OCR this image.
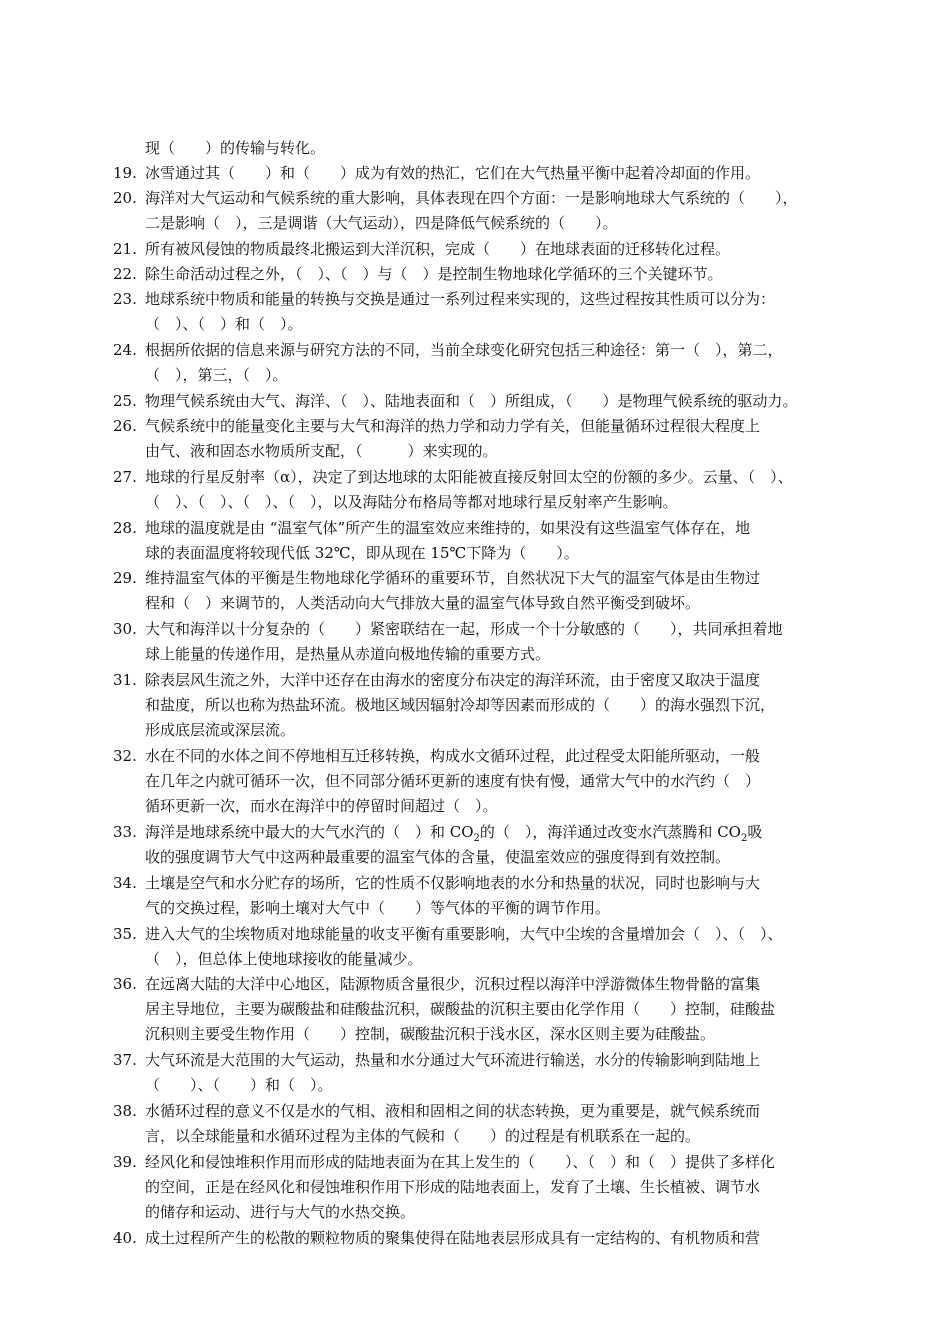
现（　　）的传输与转化。
19. 冰雪通过其（　　）和（　　）成为有效的热汇，它们在大气热量平衡中起着冷却面的作用。
20. 海洋对大气运动和气候系统的重大影响，具体表现在四个方面：一是影响地球大气系统的（　　），
二是影响（　），三是调谐（大气运动），四是降低气候系统的（　　）。
21. 所有被风侵蚀的物质最终北搬运到大洋沉积，完成（　　）在地球表面的迁移转化过程。
22. 除生命活动过程之外，（　）、（　）与（　）是控制生物地球化学循环的三个关键环节。
23. 地球系统中物质和能量的转换与交换是通过一系列过程来实现的，这些过程按其性质可以分为：
（　）、（　）和（　）。
24. 根据所依据的信息来源与研究方法的不同，当前全球变化研究包括三种途径：第一（　），第二，
（　），第三，（　）。
25. 物理气候系统由大气、海洋、（　）、陆地表面和（　）所组成，（　　）是物理气候系统的驱动力。
26. 气候系统中的能量变化主要与大气和海洋的热力学和动力学有关，但能量循环过程很大程度上
由气、液和固态水物质所支配，（　　　）来实现的。
27. 地球的行星反射率（α），决定了到达地球的太阳能被直接反射回太空的份额的多少。云量、（　）、
（　）、（　）、（　）、（　），以及海陆分布格局等都对地球行星反射率产生影响。
28. 地球的温度就是由 “温室气体”所产生的温室效应来维持的，如果没有这些温室气体存在，地
球的表面温度将较现代低 32℃，即从现在 15℃下降为（　　）。
29. 维持温室气体的平衡是生物地球化学循环的重要环节，自然状况下大气的温室气体是由生物过
程和（　）来调节的，人类活动向大气排放大量的温室气体导致自然平衡受到破坏。
30. 大气和海洋以十分复杂的（　　）紧密联结在一起，形成一个十分敏感的（　　），共同承担着地
球上能量的传递作用，是热量从赤道向极地传输的重要方式。
31. 除表层风生流之外，大洋中还存在由海水的密度分布决定的海洋环流，由于密度又取决于温度
和盐度，所以也称为热盐环流。极地区域因辐射冷却等因素而形成的（　　）的海水强烈下沉，
形成底层流或深层流。
32. 水在不同的水体之间不停地相互迁移转换，构成水文循环过程，此过程受太阳能所驱动，一般
在几年之内就可循环一次，但不同部分循环更新的速度有快有慢，通常大气中的水汽约（　）
循环更新一次，而水在海洋中的停留时间超过（　）。
33. 海洋是地球系统中最大的大气水汽的（　）和 $CO_2$的（　），海洋通过改变水汽蒸腾和 $CO_2$吸
收的强度调节大气中这两种最重要的温室气体的含量，使温室效应的强度得到有效控制。
34. 土壤是空气和水分贮存的场所，它的性质不仅影响地表的水分和热量的状况，同时也影响与大
气的交换过程，影响土壤对大气中（　　）等气体的平衡的调节作用。
35. 进入大气的尘埃物质对地球能量的收支平衡有重要影响，大气中尘埃的含量增加会（　）、（　）、
（　），但总体上使地球接收的能量减少。
36. 在远离大陆的大洋中心地区，陆源物质含量很少，沉积过程以海洋中浮游微体生物骨骼的富集
居主导地位，主要为碳酸盐和硅酸盐沉积，碳酸盐的沉积主要由化学作用（　　）控制，硅酸盐
沉积则主要受生物作用（　　）控制，碳酸盐沉积于浅水区，深水区则主要为硅酸盐。
37. 大气环流是大范围的大气运动，热量和水分通过大气环流进行输送，水分的传输影响到陆地上
（　　）、（　　）和（　）。
38. 水循环过程的意义不仅是水的气相、液相和固相之间的状态转换，更为重要是，就气候系统而
言，以全球能量和水循环过程为主体的气候和（　　）的过程是有机联系在一起的。
39. 经风化和侵蚀堆积作用而形成的陆地表面为在其上发生的（　　）、（　）和（　）提供了多样化
的空间，正是在经风化和侵蚀堆积作用下形成的陆地表面上，发育了土壤、生长植被、调节水
的储存和运动、进行与大气的水热交换。
40. 成土过程所产生的松散的颗粒物质的聚集使得在陆地表层形成具有一定结构的、有机物质和营
